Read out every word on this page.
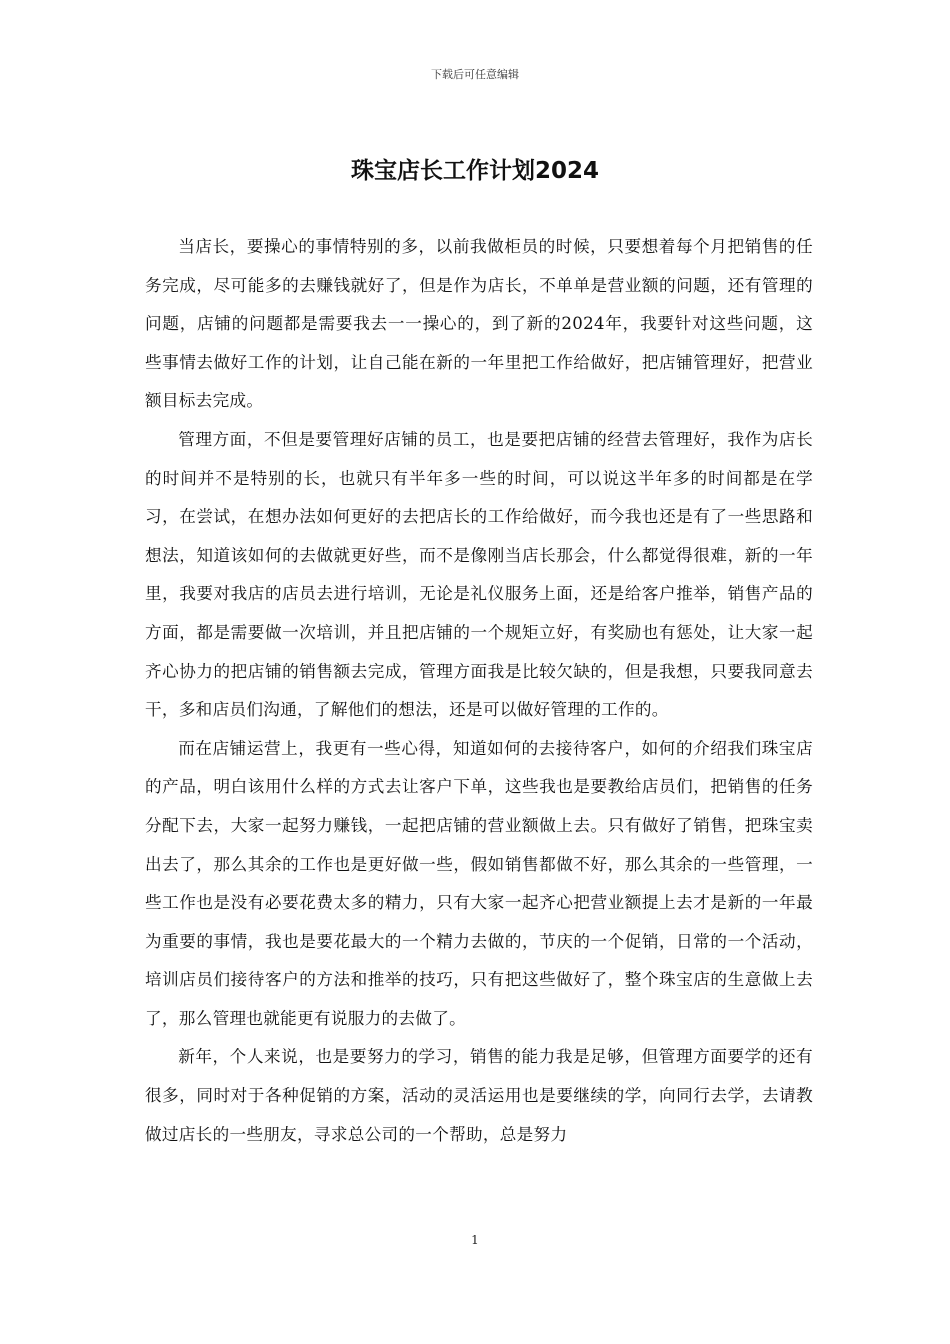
下载后可任意编辑
珠宝店长工作计划2024

当店长，要操心的事情特别的多，以前我做柜员的时候，只要想着每个月把销售的任务完成，尽可能多的去赚钱就好了，但是作为店长，不单单是营业额的问题，还有管理的问题，店铺的问题都是需要我去一一操心的，到了新的2024年，我要针对这些问题，这些事情去做好工作的计划，让自己能在新的一年里把工作给做好，把店铺管理好，把营业额目标去完成。

管理方面，不但是要管理好店铺的员工，也是要把店铺的经营去管理好，我作为店长的时间并不是特别的长，也就只有半年多一些的时间，可以说这半年多的时间都是在学习，在尝试，在想办法如何更好的去把店长的工作给做好，而今我也还是有了一些思路和想法，知道该如何的去做就更好些，而不是像刚当店长那会，什么都觉得很难，新的一年里，我要对我店的店员去进行培训，无论是礼仪服务上面，还是给客户推举，销售产品的方面，都是需要做一次培训，并且把店铺的一个规矩立好，有奖励也有惩处，让大家一起齐心协力的把店铺的销售额去完成，管理方面我是比较欠缺的，但是我想，只要我同意去干，多和店员们沟通，了解他们的想法，还是可以做好管理的工作的。

而在店铺运营上，我更有一些心得，知道如何的去接待客户，如何的介绍我们珠宝店的产品，明白该用什么样的方式去让客户下单，这些我也是要教给店员们，把销售的任务分配下去，大家一起努力赚钱，一起把店铺的营业额做上去。只有做好了销售，把珠宝卖出去了，那么其余的工作也是更好做一些，假如销售都做不好，那么其余的一些管理，一些工作也是没有必要花费太多的精力，只有大家一起齐心把营业额提上去才是新的一年最为重要的事情，我也是要花最大的一个精力去做的，节庆的一个促销，日常的一个活动，培训店员们接待客户的方法和推举的技巧，只有把这些做好了，整个珠宝店的生意做上去了，那么管理也就能更有说服力的去做了。

新年，个人来说，也是要努力的学习，销售的能力我是足够，但管理方面要学的还有很多，同时对于各种促销的方案，活动的灵活运用也是要继续的学，向同行去学，去请教做过店长的一些朋友，寻求总公司的一个帮助，总是努力

1
